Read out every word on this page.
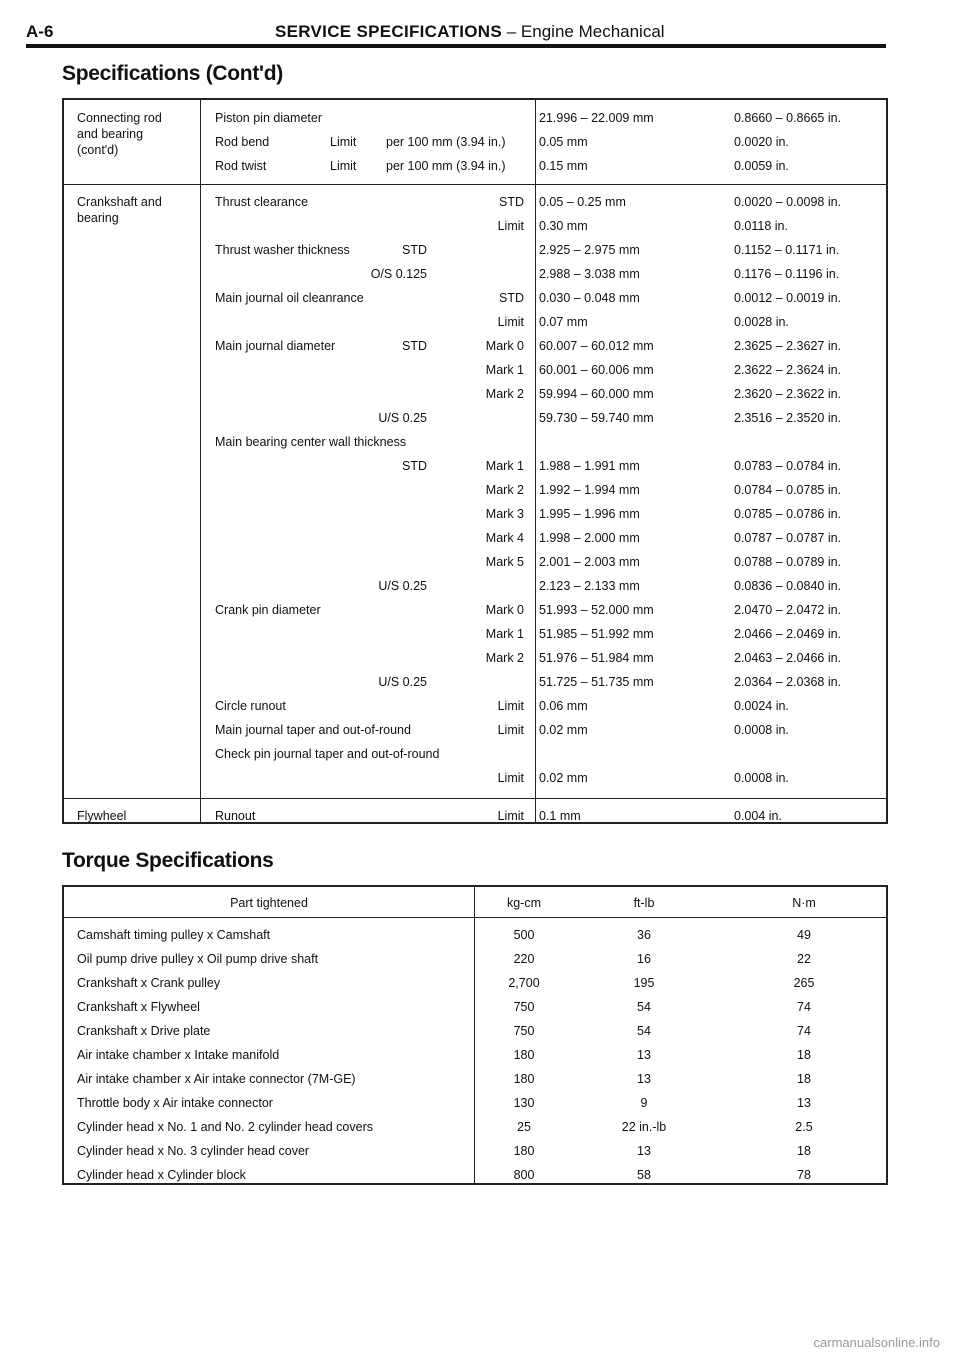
A-6	SERVICE SPECIFICATIONS – Engine Mechanical
Specifications (Cont'd)
Connecting rod
and bearing
(cont'd)
Piston pin diameter	21.996 – 22.009 mm	0.8660 – 0.8665 in.
Rod bend	Limit per 100 mm (3.94 in.)	0.05 mm	0.0020 in.
Rod twist	Limit per 100 mm (3.94 in.)	0.15 mm	0.0059 in.
Crankshaft and
bearing
Thrust clearance	STD 0.05 – 0.25 mm	0.0020 – 0.0098 in.
Limit 0.30 mm	0.0118 in.
Thrust washer thickness	STD	2.925 – 2.975 mm	0.1152 – 0.1171 in.
O/S 0.125	2.988 – 3.038 mm	0.1176 – 0.1196 in.
Main journal oil cleanrance	STD 0.030 – 0.048 mm	0.0012 – 0.0019 in.
Limit 0.07 mm	0.0028 in.
Main journal diameter	STD	Mark 0 60.007 – 60.012 mm	2.3625 – 2.3627 in.
Mark 1 60.001 – 60.006 mm	2.3622 – 2.3624 in.
Mark 2 59.994 – 60.000 mm	2.3620 – 2.3622 in.
U/S 0.25	59.730 – 59.740 mm	2.3516 – 2.3520 in.
Main bearing center wall thickness
STD	Mark 1 1.988 – 1.991 mm	0.0783 – 0.0784 in.
Mark 2 1.992 – 1.994 mm	0.0784 – 0.0785 in.
Mark 3 1.995 – 1.996 mm	0.0785 – 0.0786 in.
Mark 4 1.998 – 2.000 mm	0.0787 – 0.0787 in.
Mark 5 2.001 – 2.003 mm	0.0788 – 0.0789 in.
U/S 0.25	2.123 – 2.133 mm	0.0836 – 0.0840 in.
Crank pin diameter	Mark 0 51.993 – 52.000 mm	2.0470 – 2.0472 in.
Mark 1 51.985 – 51.992 mm	2.0466 – 2.0469 in.
Mark 2 51.976 – 51.984 mm	2.0463 – 2.0466 in.
U/S 0.25	51.725 – 51.735 mm	2.0364 – 2.0368 in.
Circle runout	Limit 0.06 mm	0.0024 in.
Main journal taper and out-of-round	Limit 0.02 mm	0.0008 in.
Check pin journal taper and out-of-round
Limit 0.02 mm	0.0008 in.
Flywheel	Runout	Limit 0.1 mm	0.004 in.
Torque Specifications
Part tightened	kg-cm	ft-lb	N·m
Camshaft timing pulley x Camshaft	500	36	49
Oil pump drive pulley x Oil pump drive shaft	220	16	22
Crankshaft x Crank pulley	2,700	195	265
Crankshaft x Flywheel	750	54	74
Crankshaft x Drive plate	750	54	74
Air intake chamber x Intake manifold	180	13	18
Air intake chamber x Air intake connector (7M-GE)	180	13	18
Throttle body x Air intake connector	130	9	13
Cylinder head x No. 1 and No. 2 cylinder head covers	25	22 in.-lb	2.5
Cylinder head x No. 3 cylinder head cover	180	13	18
Cylinder head x Cylinder block	800	58	78
carmanualsonline.info
